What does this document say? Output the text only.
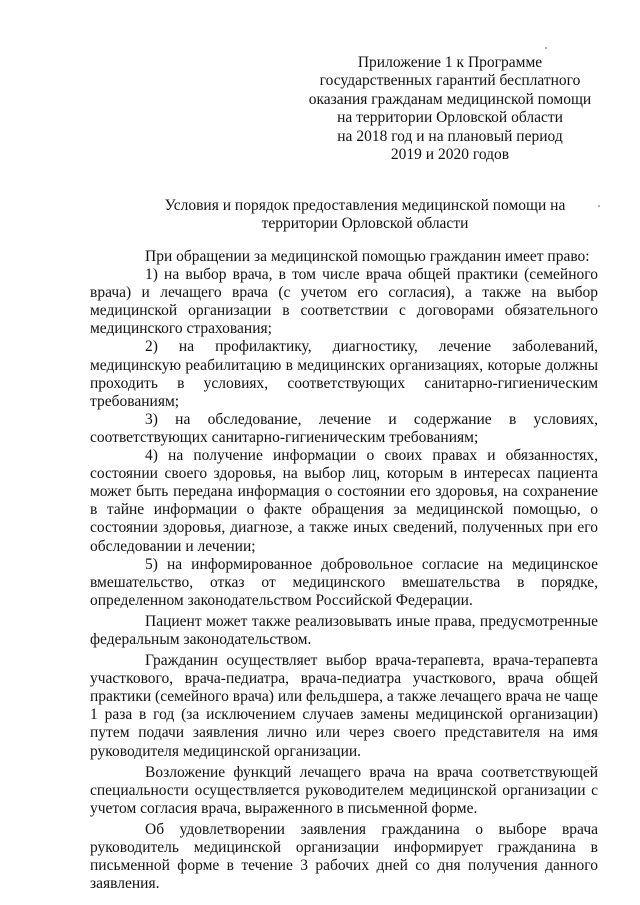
Приложение 1 к Программе
государственных гарантий бесплатного
оказания гражданам медицинской помощи
на территории Орловской области
на 2018 год и на плановый период
2019 и 2020 годов
Условия и порядок предоставления медицинской помощи на
территории Орловской области

При обращении за медицинской помощью гражданин имеет право:

1) на выбор врача, в том числе врача общей практики (семейного врача) и лечащего врача (с учетом его согласия), а также на выбор медицинской организации в соответствии с договорами обязательного медицинского страхования;

2) на профилактику, диагностику, лечение заболеваний, медицинскую реабилитацию в медицинских организациях, которые должны проходить в условиях, соответствующих санитарно-гигиеническим требованиям;

3) на обследование, лечение и содержание в условиях, соответствующих санитарно-гигиеническим требованиям;

4) на получение информации о своих правах и обязанностях, состоянии своего здоровья, на выбор лиц, которым в интересах пациента может быть передана информация о состоянии его здоровья, на сохранение в тайне информации о факте обращения за медицинской помощью, о состоянии здоровья, диагнозе, а также иных сведений, полученных при его обследовании и лечении;

5) на информированное добровольное согласие на медицинское вмешательство, отказ от медицинского вмешательства в порядке, определенном законодательством Российской Федерации.

Пациент может также реализовывать иные права, предусмотренные федеральным законодательством.

Гражданин осуществляет выбор врача-терапевта, врача-терапевта участкового, врача-педиатра, врача-педиатра участкового, врача общей практики (семейного врача) или фельдшера, а также лечащего врача не чаще 1 раза в год (за исключением случаев замены медицинской организации) путем подачи заявления лично или через своего представителя на имя руководителя медицинской организации.

Возложение функций лечащего врача на врача соответствующей специальности осуществляется руководителем медицинской организации с учетом согласия врача, выраженного в письменной форме.

Об удовлетворении заявления гражданина о выборе врача руководитель медицинской организации информирует гражданина в письменной форме в течение 3 рабочих дней со дня получения данного заявления.
